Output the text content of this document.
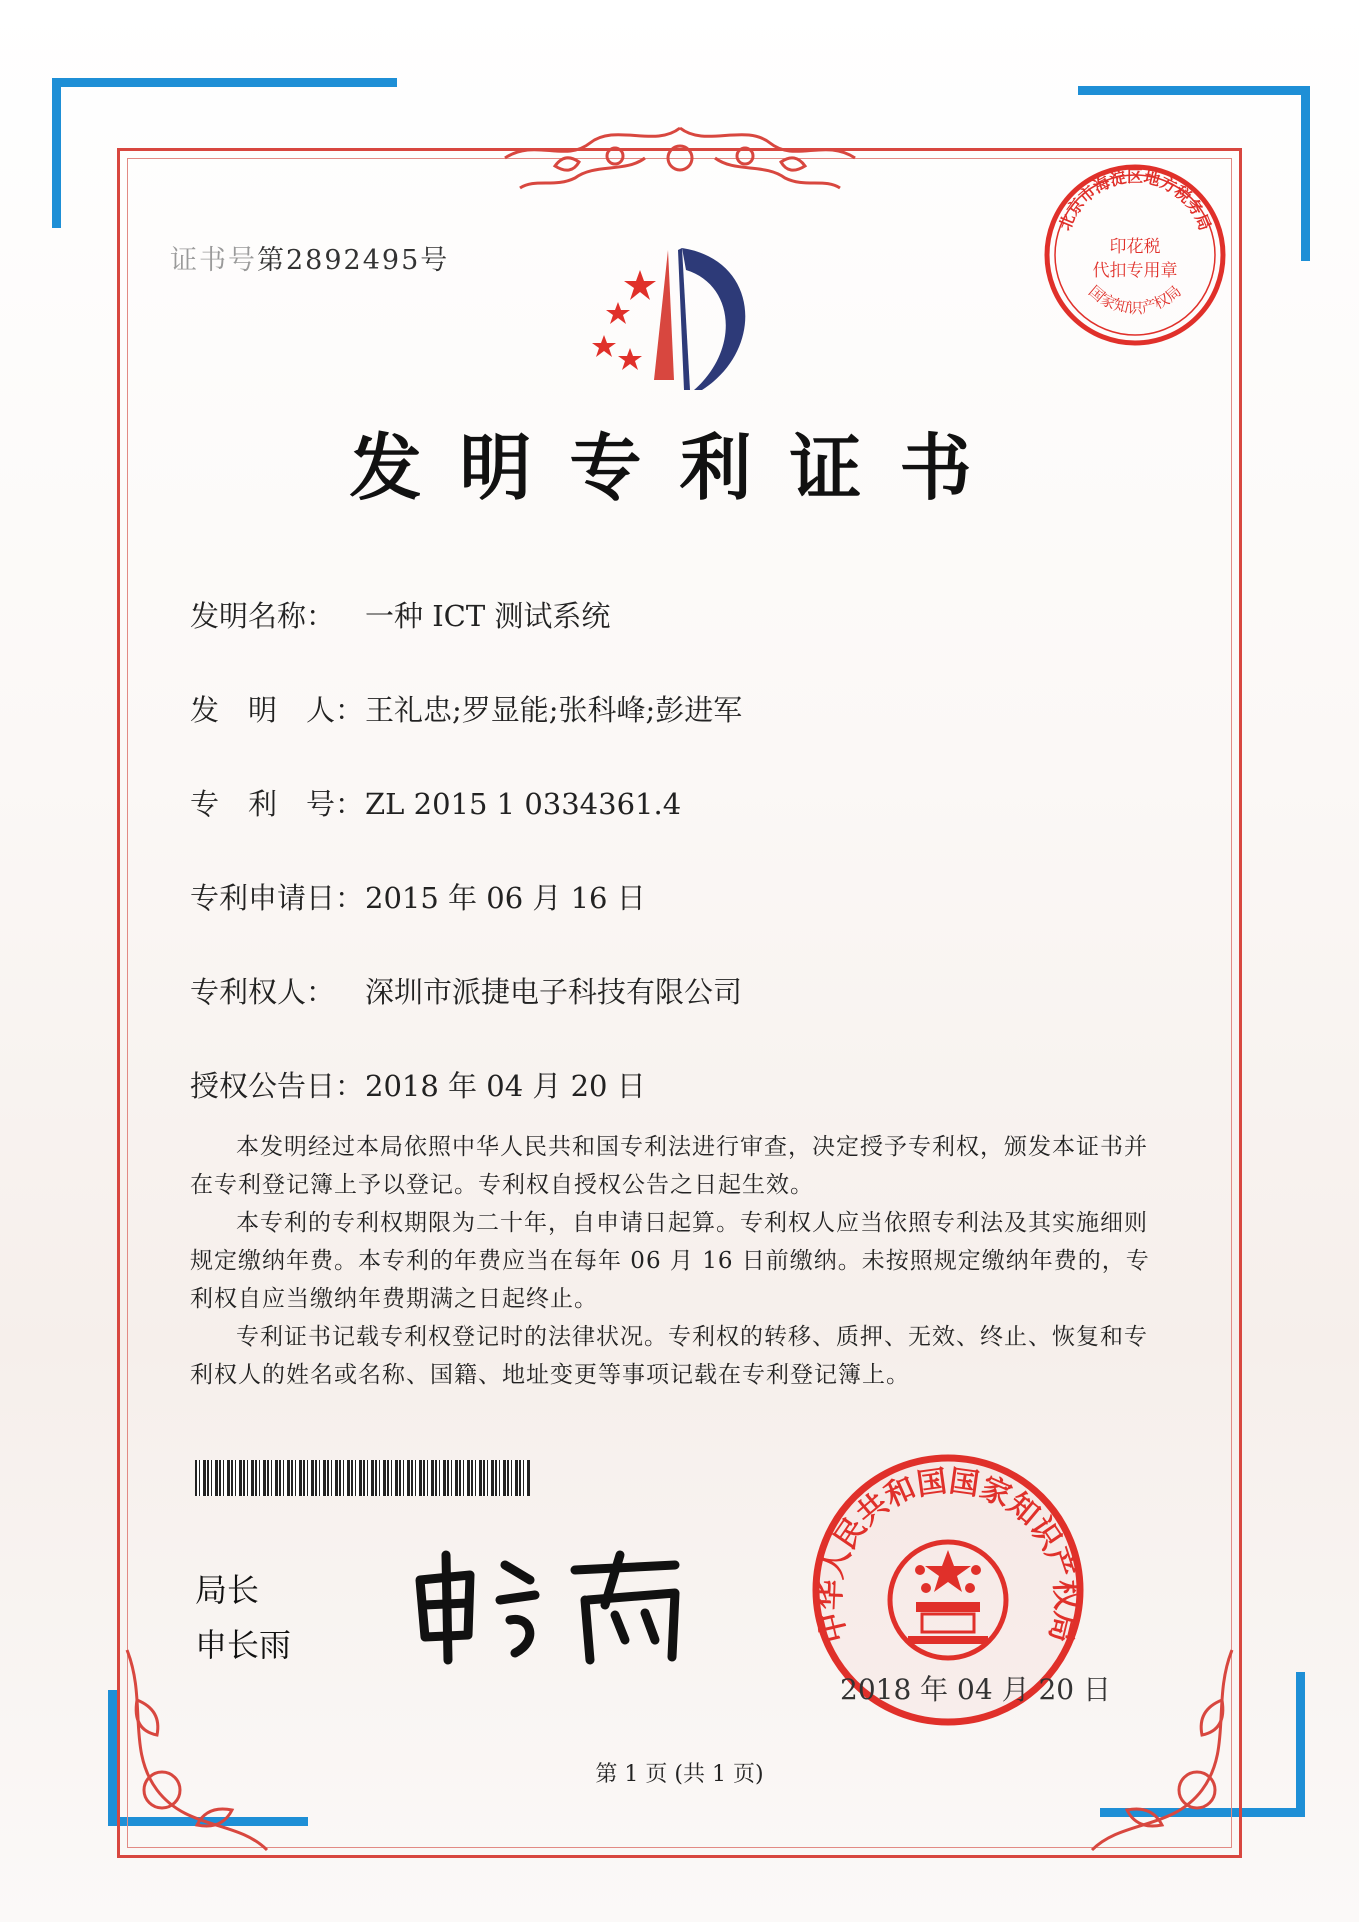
证书号第2892495号
发明专利证书
发明名称： 一种 ICT 测试系统
发　明　人：王礼忠;罗显能;张科峰;彭进军
专　利　号：ZL 2015 1 0334361.4
专利申请日：2015 年 06 月 16 日
专利权人： 深圳市派捷电子科技有限公司
授权公告日：2018 年 04 月 20 日

本发明经过本局依照中华人民共和国专利法进行审查，决定授予专利权，颁发本证书并在专利登记簿上予以登记。专利权自授权公告之日起生效。

本专利的专利权期限为二十年，自申请日起算。专利权人应当依照专利法及其实施细则规定缴纳年费。本专利的年费应当在每年 06 月 16 日前缴纳。未按照规定缴纳年费的，专利权自应当缴纳年费期满之日起终止。

专利证书记载专利权登记时的法律状况。专利权的转移、质押、无效、终止、恢复和专利权人的姓名或名称、国籍、地址变更等事项记载在专利登记簿上。

局长
申长雨
北京市海淀区地方税务局
国家知识产权局
印花税
代扣专用章
中华人民共和国国家知识产权局
2018 年 04 月 20 日
第 1 页 (共 1 页)
